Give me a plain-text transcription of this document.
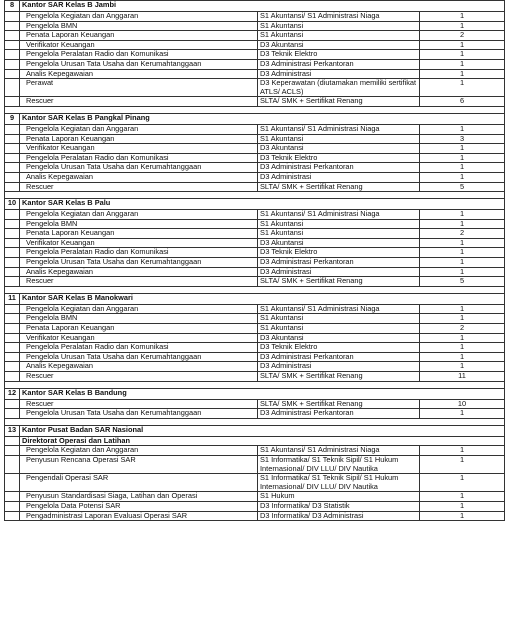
8	Kantor SAR Kelas B Jambi		
	Pengelola Kegiatan dan Anggaran	S1 Akuntansi/ S1 Administrasi Niaga	1
	Pengelola BMN	S1 Akuntansi	1
	Penata Laporan Keuangan	S1 Akuntansi	2
	Verifikator Keuangan	D3 Akuntansi	1
	Pengelola Peralatan Radio dan Komunikasi	D3 Teknik Elektro	1
	Pengelola Urusan Tata Usaha dan Kerumahtanggaan	D3 Administrasi Perkantoran	1
	Analis Kepegawaian	D3 Administrasi	1
	Perawat	D3 Keperawatan (diutamakan memiliki sertifikat ATLS/ ACLS)	1
	Rescuer	SLTA/ SMK + Sertifikat Renang	6

9	Kantor SAR Kelas B Pangkal Pinang		
	Pengelola Kegiatan dan Anggaran	S1 Akuntansi/ S1 Administrasi Niaga	1
	Penata Laporan Keuangan	S1 Akuntansi	3
	Verifikator Keuangan	D3 Akuntansi	1
	Pengelola Peralatan Radio dan Komunikasi	D3 Teknik Elektro	1
	Pengelola Urusan Tata Usaha dan Kerumahtanggaan	D3 Administrasi Perkantoran	1
	Analis Kepegawaian	D3 Administrasi	1
	Rescuer	SLTA/ SMK + Sertifikat Renang	5

10	Kantor SAR Kelas B Palu		
	Pengelola Kegiatan dan Anggaran	S1 Akuntansi/ S1 Administrasi Niaga	1
	Pengelola BMN	S1 Akuntansi	1
	Penata Laporan Keuangan	S1 Akuntansi	2
	Verifikator Keuangan	D3 Akuntansi	1
	Pengelola Peralatan Radio dan Komunikasi	D3 Teknik Elektro	1
	Pengelola Urusan Tata Usaha dan Kerumahtanggaan	D3 Administrasi Perkantoran	1
	Analis Kepegawaian	D3 Administrasi	1
	Rescuer	SLTA/ SMK + Sertifikat Renang	5

11	Kantor SAR Kelas B Manokwari		
	Pengelola Kegiatan dan Anggaran	S1 Akuntansi/ S1 Administrasi Niaga	1
	Pengelola BMN	S1 Akuntansi	1
	Penata Laporan Keuangan	S1 Akuntansi	2
	Verifikator Keuangan	D3 Akuntansi	1
	Pengelola Peralatan Radio dan Komunikasi	D3 Teknik Elektro	1
	Pengelola Urusan Tata Usaha dan Kerumahtanggaan	D3 Administrasi Perkantoran	1
	Analis Kepegawaian	D3 Administrasi	1
	Rescuer	SLTA/ SMK + Sertifikat Renang	11

12	Kantor SAR Kelas B Bandung		
	Rescuer	SLTA/ SMK + Sertifikat Renang	10
	Pengelola Urusan Tata Usaha dan Kerumahtanggaan	D3 Administrasi Perkantoran	1

13	Kantor Pusat Badan SAR Nasional		
	Direktorat Operasi dan Latihan		
	Pengelola Kegiatan dan Anggaran	S1 Akuntansi/ S1 Administrasi Niaga	1
	Penyusun Rencana Operasi SAR	S1 Informatika/ S1 Teknik Sipil/ S1 Hukum Internasional/ DIV LLU/ DIV Nautika	1
	Pengendali Operasi SAR	S1 Informatika/ S1 Teknik Sipil/ S1 Hukum Internasional/ DIV LLU/ DIV Nautika	1
	Penyusun Standardisasi Siaga, Latihan dan Operasi	S1 Hukum	1
	Pengelola Data Potensi SAR	D3 Informatika/ D3 Statistik	1
	Pengadministrasi Laporan Evaluasi Operasi SAR	D3 Informatika/ D3 Administrasi	1
